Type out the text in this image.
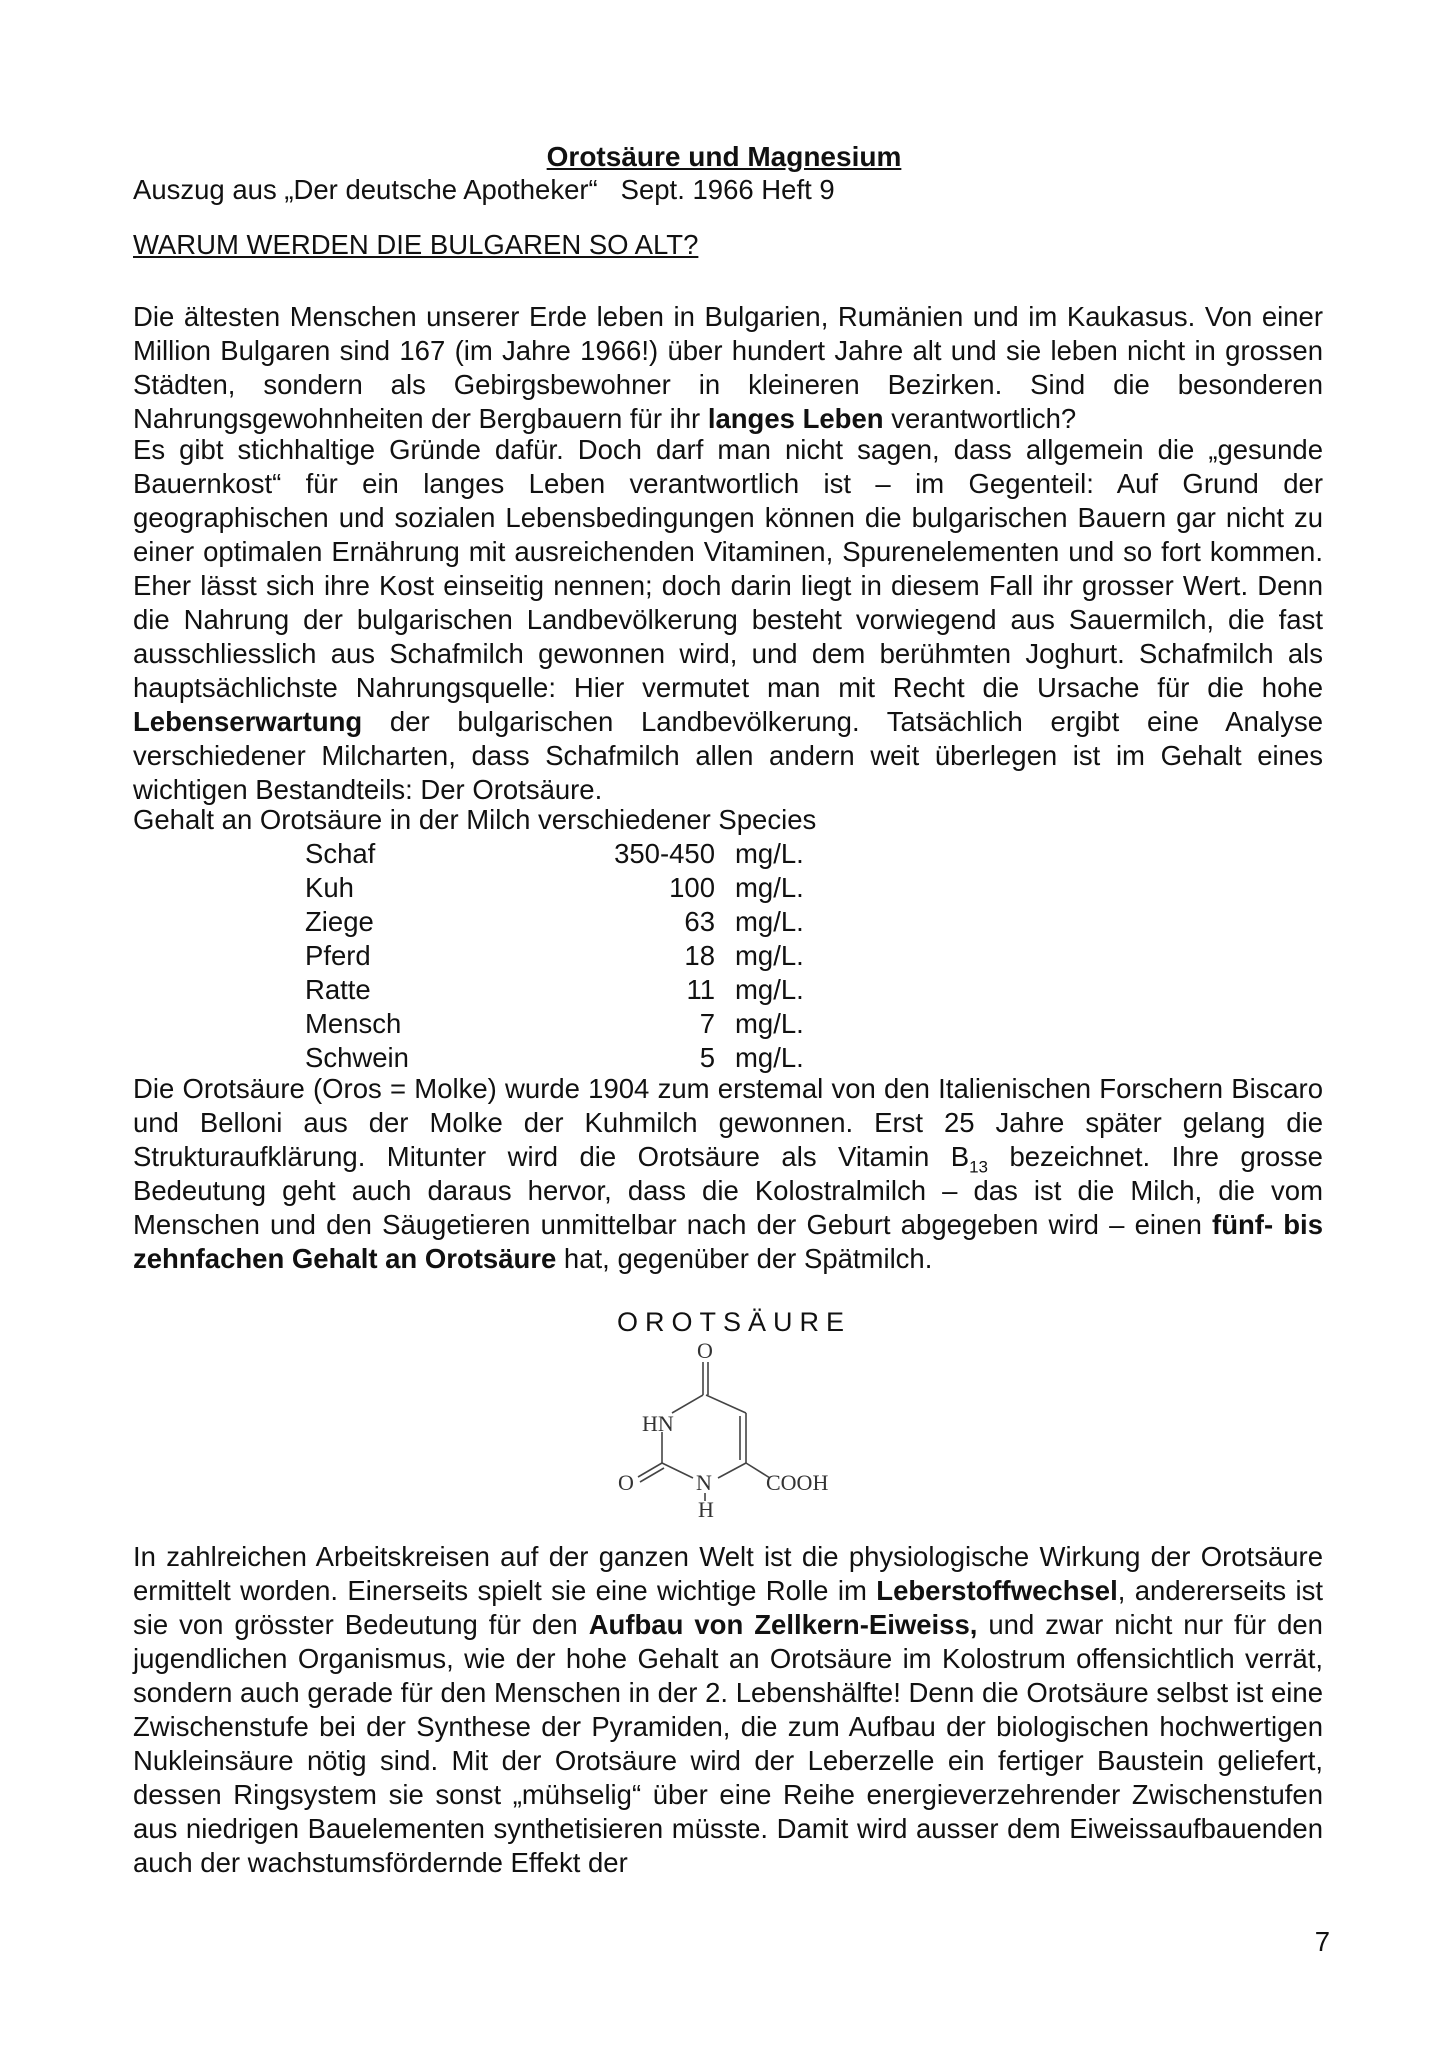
Orotsäure und Magnesium
Auszug aus „Der deutsche Apotheker“   Sept. 1966 Heft 9
WARUM WERDEN DIE BULGAREN SO ALT?

Die ältesten Menschen unserer Erde leben in Bulgarien, Rumänien und im Kaukasus. Von einer Million Bulgaren sind 167 (im Jahre 1966!) über hundert Jahre alt und sie leben nicht in grossen Städten, sondern als Gebirgsbewohner in kleineren Bezirken. Sind die besonderen Nahrungsgewohnheiten der Bergbauern für ihr langes Leben verantwortlich?

Es gibt stichhaltige Gründe dafür. Doch darf man nicht sagen, dass allgemein die „gesunde Bauernkost“ für ein langes Leben verantwortlich ist – im Gegenteil: Auf Grund der geographischen und sozialen Lebensbedingungen können die bulgarischen Bauern gar nicht zu einer optimalen Ernährung mit ausreichenden Vitaminen, Spurenelementen und so fort kommen. Eher lässt sich ihre Kost einseitig nennen; doch darin liegt in diesem Fall ihr grosser Wert. Denn die Nahrung der bulgarischen Landbevölkerung besteht vorwiegend aus Sauermilch, die fast ausschliesslich aus Schafmilch gewonnen wird, und dem berühmten Joghurt. Schafmilch als hauptsächlichste Nahrungsquelle: Hier vermutet man mit Recht die Ursache für die hohe Lebenserwartung der bulgarischen Landbevölkerung. Tatsächlich ergibt eine Analyse verschiedener Milcharten, dass Schafmilch allen andern weit überlegen ist im Gehalt eines wichtigen Bestandteils: Der Orotsäure.

Gehalt an Orotsäure in der Milch verschiedener Species
Schaf	350-450	mg/L.
Kuh	100	mg/L.
Ziege	63	mg/L.
Pferd	18	mg/L.
Ratte	11	mg/L.
Mensch	7	mg/L.
Schwein	5	mg/L.

Die Orotsäure (Oros = Molke) wurde 1904 zum erstemal von den Italienischen Forschern Biscaro und Belloni aus der Molke der Kuhmilch gewonnen. Erst 25 Jahre später gelang die Strukturaufklärung. Mitunter wird die Orotsäure als Vitamin $B_{13}$ bezeichnet. Ihre grosse Bedeutung geht auch daraus hervor, dass die Kolostralmilch – das ist die Milch, die vom Menschen und den Säugetieren unmittelbar nach der Geburt abgegeben wird – einen fünf- bis zehnfachen Gehalt an Orotsäure hat, gegenüber der Spätmilch.

OROTSÄURE
O
HN
O	N
H
COOH

In zahlreichen Arbeitskreisen auf der ganzen Welt ist die physiologische Wirkung der Orotsäure ermittelt worden. Einerseits spielt sie eine wichtige Rolle im Leberstoffwechsel, andererseits ist sie von grösster Bedeutung für den Aufbau von Zellkern-Eiweiss, und zwar nicht nur für den jugendlichen Organismus, wie der hohe Gehalt an Orotsäure im Kolostrum offensichtlich verrät, sondern auch gerade für den Menschen in der 2. Lebenshälfte! Denn die Orotsäure selbst ist eine Zwischenstufe bei der Synthese der Pyramiden, die zum Aufbau der biologischen hochwertigen Nukleinsäure nötig sind. Mit der Orotsäure wird der Leberzelle ein fertiger Baustein geliefert, dessen Ringsystem sie sonst „mühselig“ über eine Reihe energieverzehrender Zwischenstufen aus niedrigen Bauelementen synthetisieren müsste. Damit wird ausser dem Eiweissaufbauenden auch der wachstumsfördernde Effekt der

7
